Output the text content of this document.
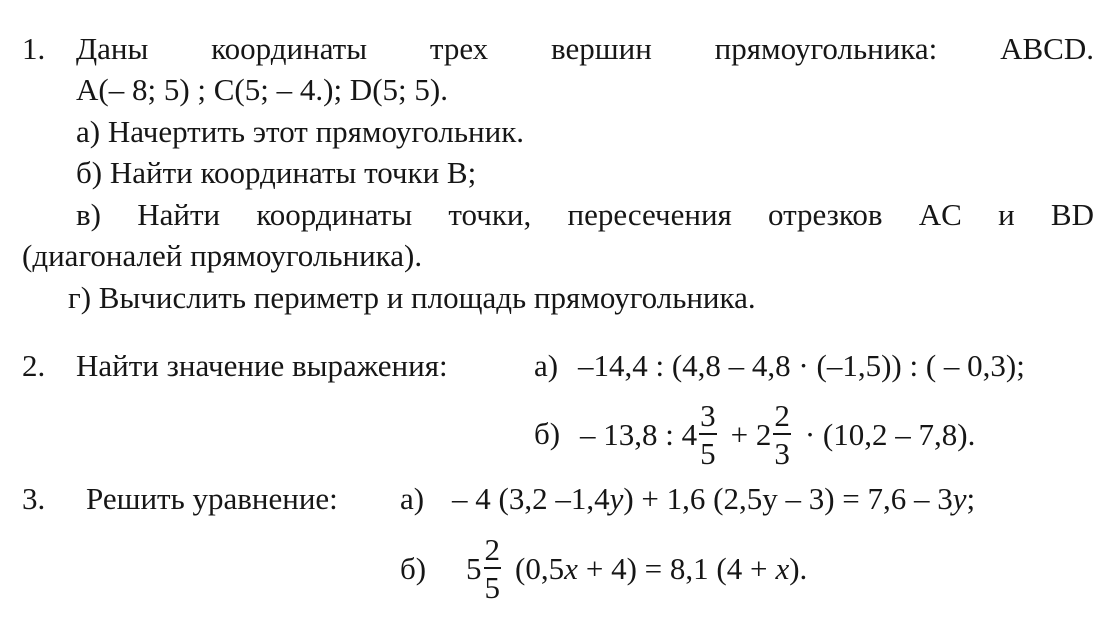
1. Даны координаты трех вершин прямоугольника: ABCD.
A(– 8; 5) ; C(5; – 4.); D(5; 5).
а) Начертить этот прямоугольник.
б) Найти координаты точки B;
в) Найти координаты точки, пересечения отрезков AC и BD
(диагоналей прямоугольника).
г) Вычислить периметр и площадь прямоугольника.
2. Найти значение выражения:	а) –14,4 : (4,8 – 4,8 · (–1,5)) : ( – 0,3);
б) – 13,8 : $4 \frac{3}{5} + 2 \frac{2}{3} \cdot (10,2 - 7,8)$.
3. Решить уравнение: а) – 4 (3,2 –1,4y) + 1,6 (2,5y – 3) = 7,6 – 3y;
б) $5 \frac{2}{5} (0,5$ x + 4) = 8,1 (4 + x ).
